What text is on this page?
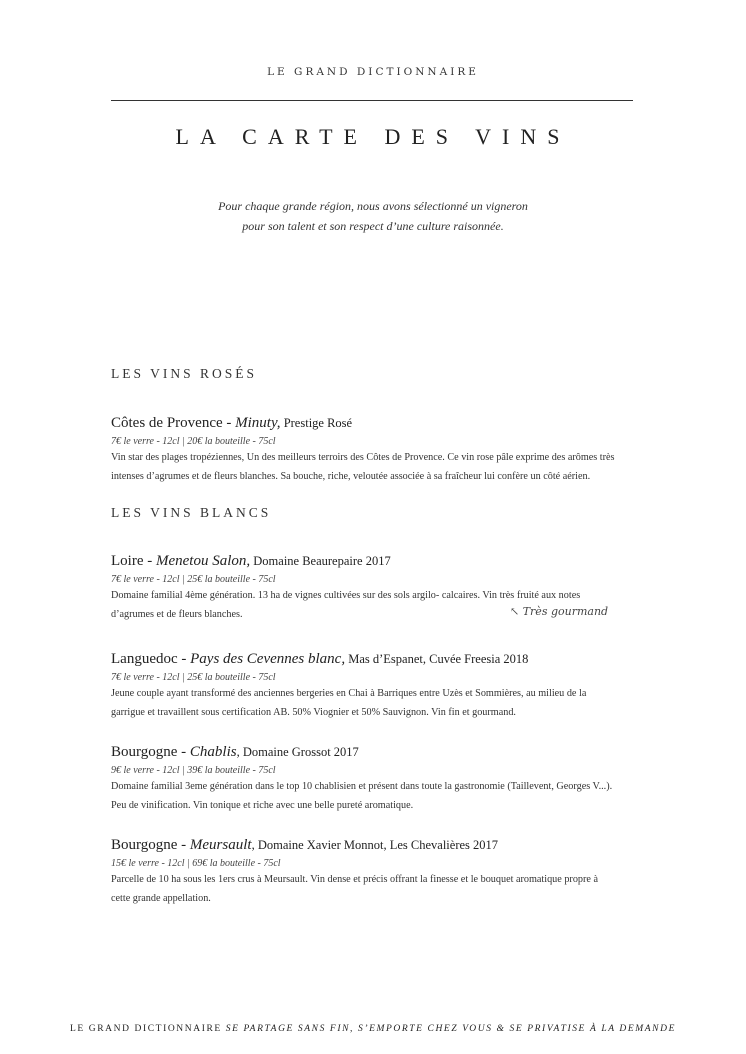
LE GRAND DICTIONNAIRE
LA CARTE DES VINS
Pour chaque grande région, nous avons sélectionné un vigneron
pour son talent et son respect d’une culture raisonnée.
LES VINS ROSÉS
Côtes de Provence - Minuty, Prestige Rosé
7€ le verre - 12cl | 20€ la bouteille - 75cl
Vin star des plages tropéziennes, Un des meilleurs terroirs des Côtes de Provence. Ce vin rose pâle exprime des arômes très
intenses d’agrumes et de fleurs blanches. Sa bouche, riche, veloutée associée à sa fraîcheur lui confère un côté aérien.
LES VINS BLANCS
Loire - Menetou Salon, Domaine Beaurepaire 2017
7€ le verre - 12cl | 25€ la bouteille - 75cl
Domaine familial 4ème génération. 13 ha de vignes cultivées sur des sols argilo- calcaires. Vin très fruité aux notes
d’agrumes et de fleurs blanches.	↖ Très gourmand
Languedoc - Pays des Cevennes blanc, Mas d’Espanet, Cuvée Freesia 2018
7€ le verre - 12cl | 25€ la bouteille - 75cl
Jeune couple ayant transformé des anciennes bergeries en Chai à Barriques entre Uzès et Sommières, au milieu de la
garrigue et travaillent sous certification AB. 50% Viognier et 50% Sauvignon. Vin fin et gourmand.
Bourgogne - Chablis, Domaine Grossot 2017
9€ le verre - 12cl | 39€ la bouteille - 75cl
Domaine familial 3eme génération dans le top 10 chablisien et présent dans toute la gastronomie (Taillevent, Georges V...).
Peu de vinification. Vin tonique et riche avec une belle pureté aromatique.
Bourgogne - Meursault, Domaine Xavier Monnot, Les Chevalières 2017
15€ le verre - 12cl | 69€ la bouteille - 75cl
Parcelle de 10 ha sous les 1ers crus à Meursault. Vin dense et précis offrant la finesse et le bouquet aromatique propre à
cette grande appellation.
LE GRAND DICTIONNAIRE SE PARTAGE SANS FIN, S’EMPORTE CHEZ VOUS & SE PRIVATISE À LA DEMANDE
